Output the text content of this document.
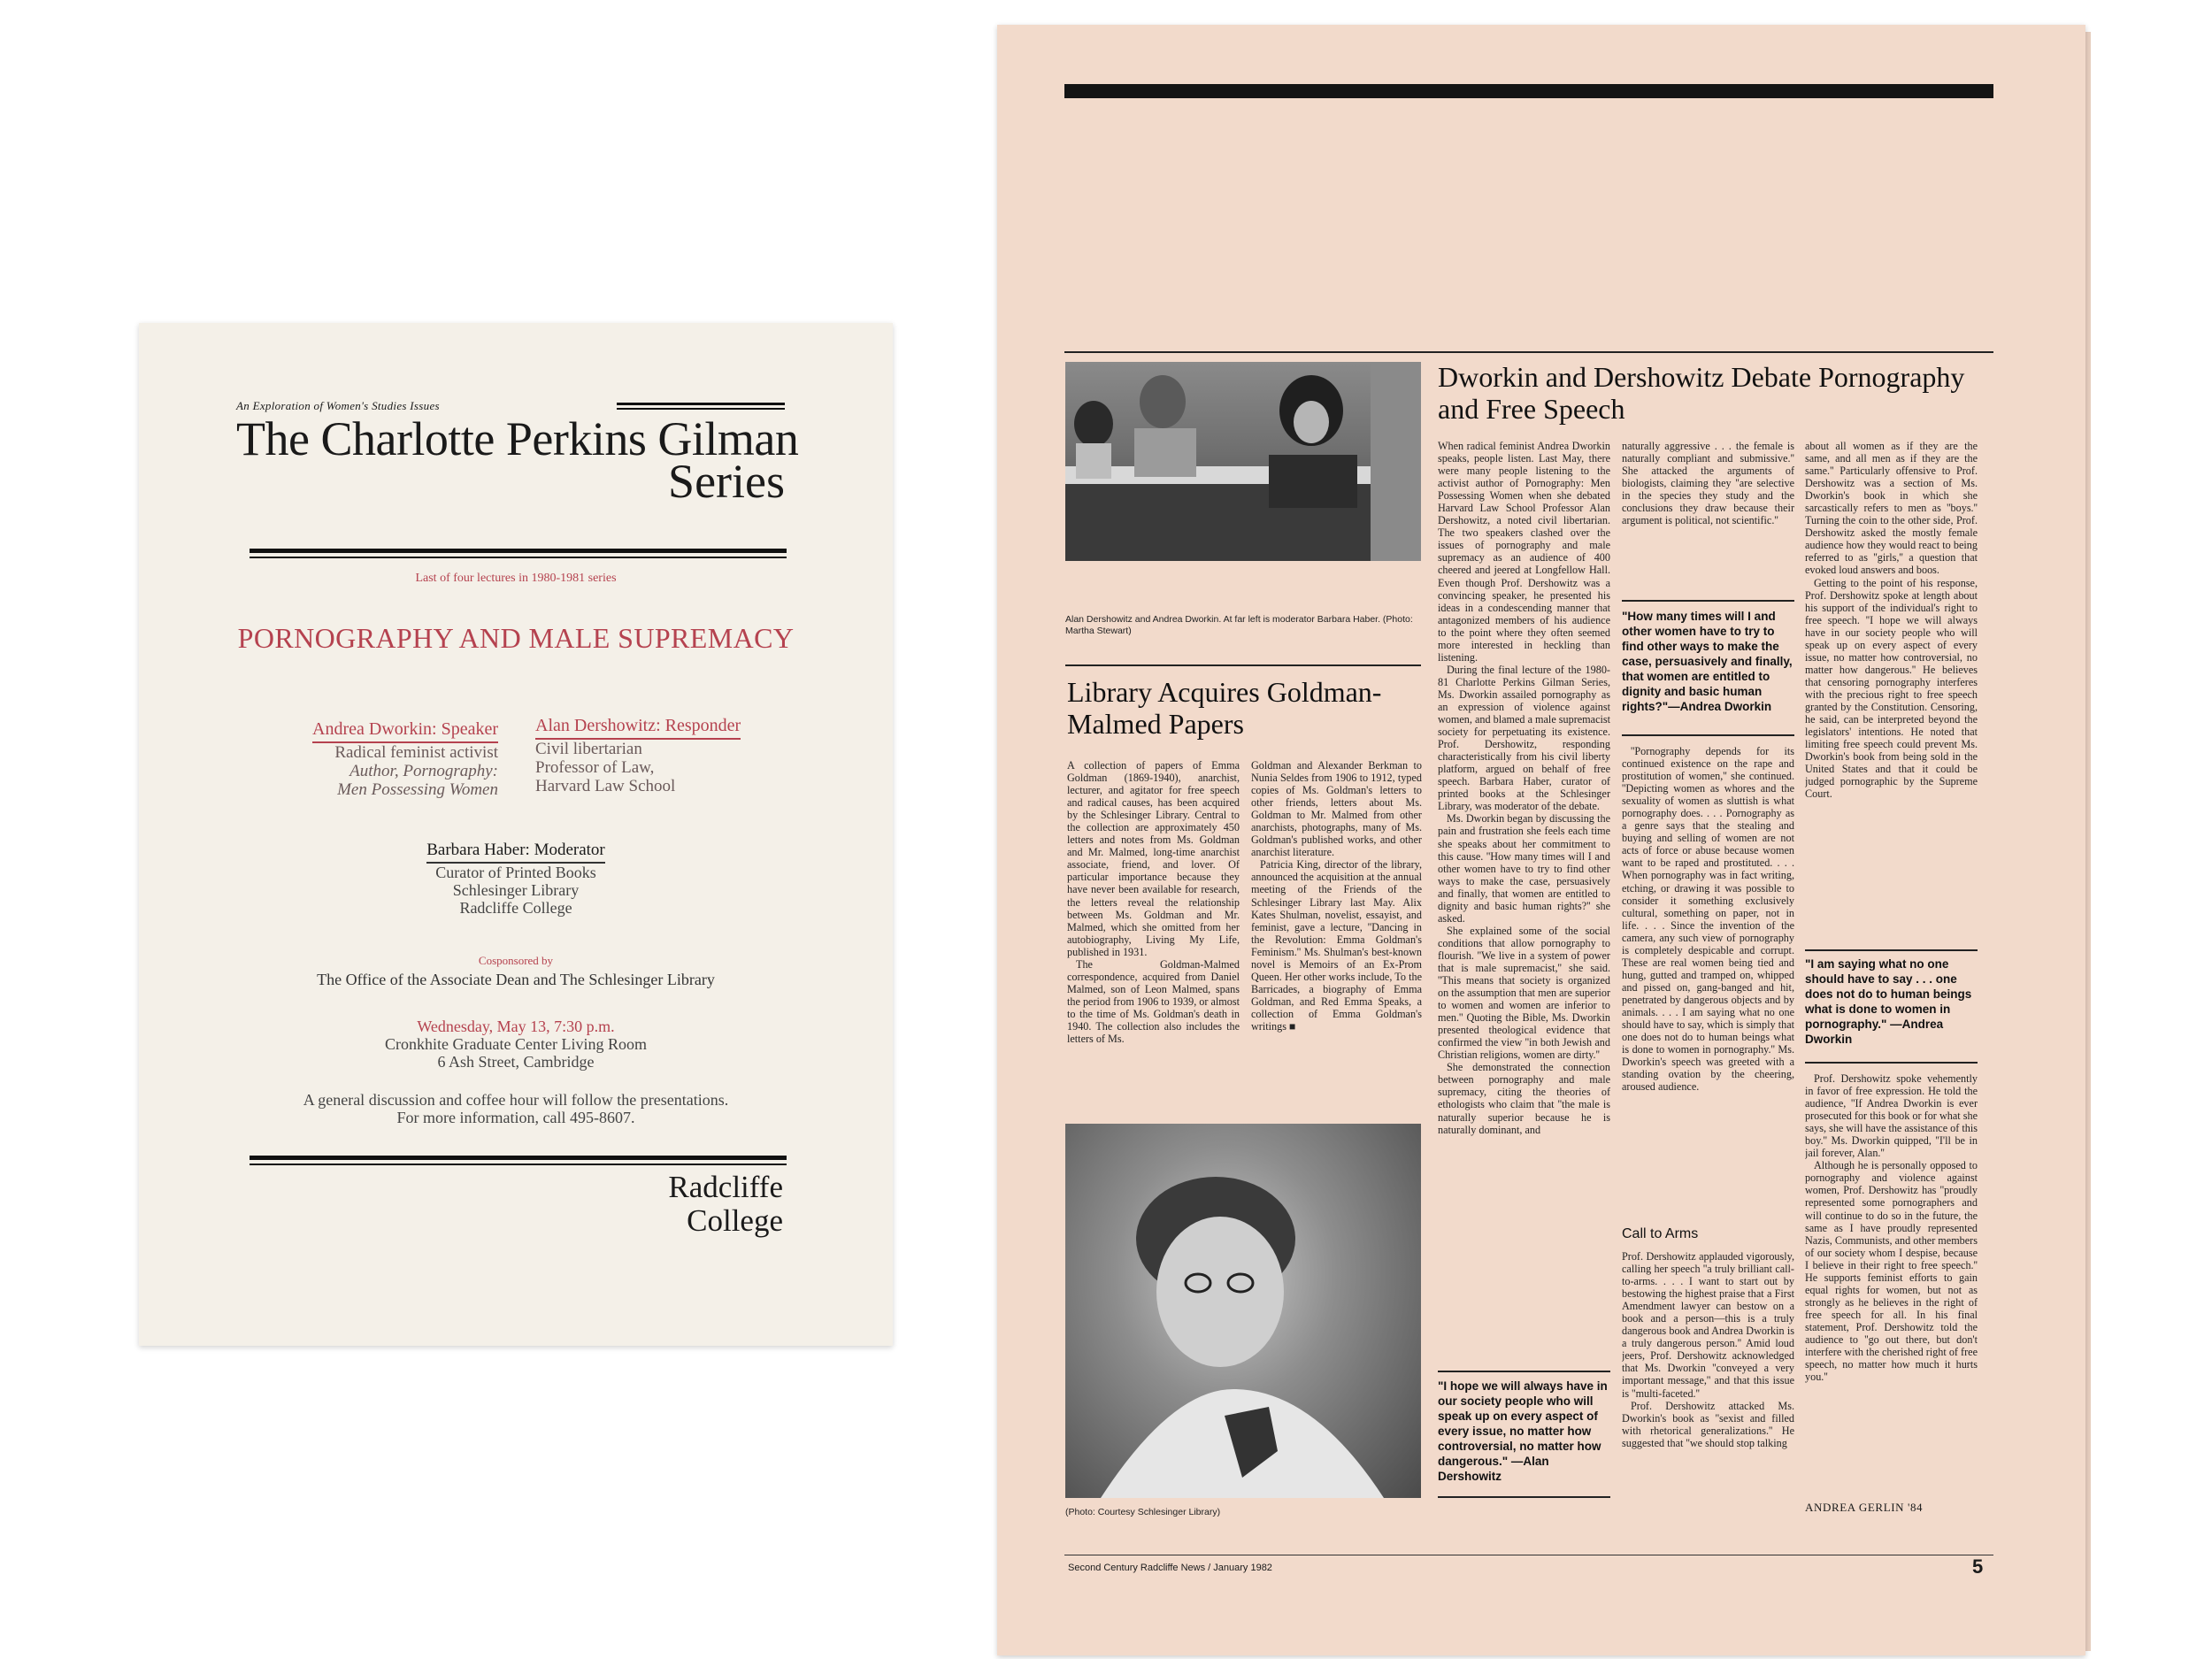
An Exploration of Women's Studies Issues
The Charlotte Perkins Gilman
Series
Last of four lectures in 1980-1981 series
PORNOGRAPHY AND MALE SUPREMACY
Andrea Dworkin: Speaker
Radical feminist activist
Author, Pornography:
Men Possessing Women
Alan Dershowitz: Responder
Civil libertarian
Professor of Law,
Harvard Law School
Barbara Haber: Moderator
Curator of Printed Books
Schlesinger Library
Radcliffe College
Cosponsored by
The Office of the Associate Dean and The Schlesinger Library
Wednesday, May 13, 7:30 p.m.
Cronkhite Graduate Center Living Room
6 Ash Street, Cambridge
A general discussion and coffee hour will follow the presentations.
For more information, call 495-8607.
Radcliffe
College
Alan Dershowitz and Andrea Dworkin. At far left is moderator Barbara Haber. (Photo: Martha Stewart)
Library Acquires Goldman-Malmed Papers

A collection of papers of Emma Goldman (1869-1940), anarchist, lecturer, and agitator for free speech and radical causes, has been acquired by the Schlesinger Library. Central to the collection are approximately 450 letters and notes from Ms. Goldman and Mr. Malmed, long-time anarchist associate, friend, and lover. Of particular importance because they have never been available for research, the letters reveal the relationship between Ms. Goldman and Mr. Malmed, which she omitted from her autobiography, Living My Life, published in 1931.

The Goldman-Malmed correspondence, acquired from Daniel Malmed, son of Leon Malmed, spans the period from 1906 to 1939, or almost to the time of Ms. Goldman's death in 1940. The collection also includes the letters of Ms.

Goldman and Alexander Berkman to Nunia Seldes from 1906 to 1912, typed copies of Ms. Goldman's letters to other friends, letters about Ms. Goldman to Mr. Malmed from other anarchists, photographs, many of Ms. Goldman's published works, and other anarchist literature.

Patricia King, director of the library, announced the acquisition at the annual meeting of the Friends of the Schlesinger Library last May. Alix Kates Shulman, novelist, essayist, and feminist, gave a lecture, ''Dancing in the Revolution: Emma Goldman's Feminism.'' Ms. Shulman's best-known novel is Memoirs of an Ex-Prom Queen. Her other works include, To the Barricades, a biography of Emma Goldman, and Red Emma Speaks, a collection of Emma Goldman's writings ■

(Photo: Courtesy Schlesinger Library)
Dworkin and Dershowitz Debate Pornography and Free Speech

When radical feminist Andrea Dworkin speaks, people listen. Last May, there were many people listening to the activist author of Pornography: Men Possessing Women when she debated Harvard Law School Professor Alan Dershowitz, a noted civil libertarian. The two speakers clashed over the issues of pornography and male supremacy as an audience of 400 cheered and jeered at Longfellow Hall. Even though Prof. Dershowitz was a convincing speaker, he presented his ideas in a condescending manner that antagonized members of his audience to the point where they often seemed more interested in heckling than listening.

During the final lecture of the 1980-81 Charlotte Perkins Gilman Series, Ms. Dworkin assailed pornography as an expression of violence against women, and blamed a male supremacist society for perpetuating its existence. Prof. Dershowitz, responding characteristically from his civil liberty platform, argued on behalf of free speech. Barbara Haber, curator of printed books at the Schlesinger Library, was moderator of the debate.

Ms. Dworkin began by discussing the pain and frustration she feels each time she speaks about her commitment to this cause. ''How many times will I and other women have to try to find other ways to make the case, persuasively and finally, that women are entitled to dignity and basic human rights?'' she asked.

She explained some of the social conditions that allow pornography to flourish. ''We live in a system of power that is male supremacist,'' she said. ''This means that society is organized on the assumption that men are superior to women and women are inferior to men.'' Quoting the Bible, Ms. Dworkin presented theological evidence that confirmed the view ''in both Jewish and Christian religions, women are dirty.''

She demonstrated the connection between pornography and male supremacy, citing the theories of ethologists who claim that ''the male is naturally superior because he is naturally dominant, and

"I hope we will always have in our society people who will speak up on every aspect of every issue, no matter how controversial, no matter how dangerous." —Alan Dershowitz

naturally aggressive . . . the female is naturally compliant and submissive.'' She attacked the arguments of biologists, claiming they ''are selective in the species they study and the conclusions they draw because their argument is political, not scientific.''

"How many times will I and other women have to try to find other ways to make the case, persuasively and finally, that women are entitled to dignity and basic human rights?"—Andrea Dworkin

''Pornography depends for its continued existence on the rape and prostitution of women,'' she continued. ''Depicting women as whores and the sexuality of women as sluttish is what pornography does. . . . Pornography as a genre says that the stealing and buying and selling of women are not acts of force or abuse because women want to be raped and prostituted. . . . When pornography was in fact writing, etching, or drawing it was possible to consider it something exclusively cultural, something on paper, not in life. . . . Since the invention of the camera, any such view of pornography is completely despicable and corrupt. These are real women being tied and hung, gutted and tramped on, whipped and pissed on, gang-banged and hit, penetrated by dangerous objects and by animals. . . . I am saying what no one should have to say, which is simply that one does not do to human beings what is done to women in pornography.'' Ms. Dworkin's speech was greeted with a standing ovation by the cheering, aroused audience.

Call to Arms

Prof. Dershowitz applauded vigorously, calling her speech ''a truly brilliant call-to-arms. . . . I want to start out by bestowing the highest praise that a First Amendment lawyer can bestow on a book and a person—this is a truly dangerous book and Andrea Dworkin is a truly dangerous person.'' Amid loud jeers, Prof. Dershowitz acknowledged that Ms. Dworkin ''conveyed a very important message,'' and that this issue is ''multi-faceted.''

Prof. Dershowitz attacked Ms. Dworkin's book as ''sexist and filled with rhetorical generalizations.'' He suggested that ''we should stop talking

about all women as if they are the same, and all men as if they are the same.'' Particularly offensive to Prof. Dershowitz was a section of Ms. Dworkin's book in which she sarcastically refers to men as ''boys.'' Turning the coin to the other side, Prof. Dershowitz asked the mostly female audience how they would react to being referred to as ''girls,'' a question that evoked loud answers and boos.

Getting to the point of his response, Prof. Dershowitz spoke at length about his support of the individual's right to free speech. ''I hope we will always have in our society people who will speak up on every aspect of every issue, no matter how controversial, no matter how dangerous.'' He believes that censoring pornography interferes with the precious right to free speech granted by the Constitution. Censoring, he said, can be interpreted beyond the legislators' intentions. He noted that limiting free speech could prevent Ms. Dworkin's book from being sold in the United States and that it could be judged pornographic by the Supreme Court.

"I am saying what no one should have to say . . . one does not do to human beings what is done to women in pornography." —Andrea Dworkin

Prof. Dershowitz spoke vehemently in favor of free expression. He told the audience, ''If Andrea Dworkin is ever prosecuted for this book or for what she says, she will have the assistance of this boy.'' Ms. Dworkin quipped, ''I'll be in jail forever, Alan.''

Although he is personally opposed to pornography and violence against women, Prof. Dershowitz has ''proudly represented some pornographers and will continue to do so in the future, the same as I have proudly represented Nazis, Communists, and other members of our society whom I despise, because I believe in their right to free speech.'' He supports feminist efforts to gain equal rights for women, but not as strongly as he believes in the right of free speech for all. In his final statement, Prof. Dershowitz told the audience to ''go out there, but don't interfere with the cherished right of free speech, no matter how much it hurts you.''

ANDREA GERLIN '84
Second Century Radcliffe News / January 1982	5
